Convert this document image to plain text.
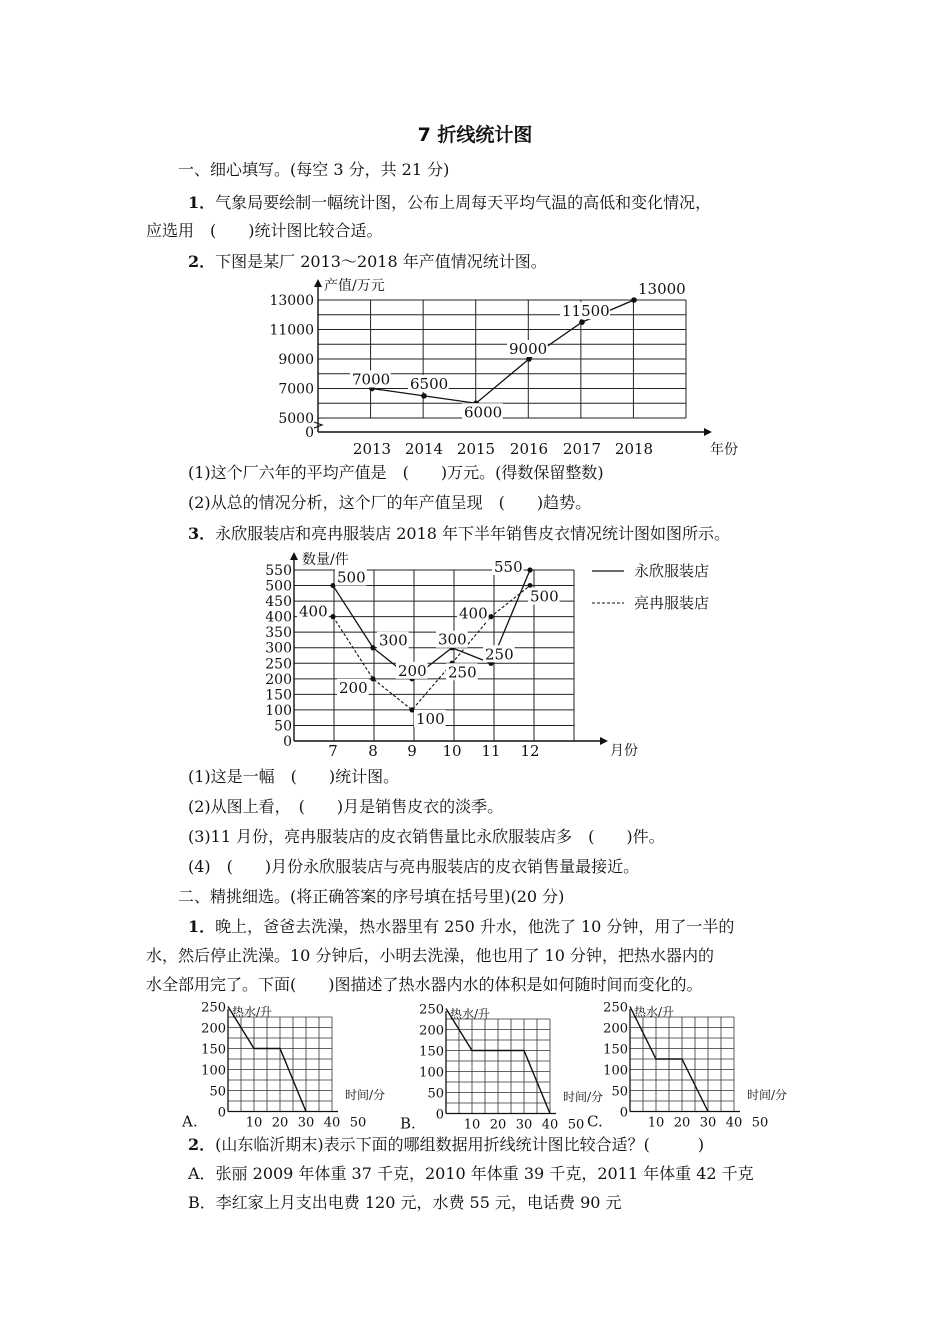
7 折线统计图
一、细心填写。(每空 3 分，共 21 分)
1．气象局要绘制一幅统计图，公布上周每天平均气温的高低和变化情况，
应选用　(　　)统计图比较合适。
2．下图是某厂 2013～2018 年产值情况统计图。
产值/万元
年份
13000
11000
9000
7000
5000
0
2013 2014 2015 2016 2017 2018
7000 6500
6000
9000
11500
13000
(1)这个厂六年的平均产值是　(　　)万元。(得数保留整数)
(2)从总的情况分析，这个厂的年产值呈现　(　　)趋势。
3．永欣服装店和亮冉服装店 2018 年下半年销售皮衣情况统计图如图所示。
数量/件
月份
550
500
450
400
350
300
250
200
150
100
50
0 7 8 9 10 11 12
500
300
200
300
250
550
400
200
100
250
400
500
永欣服装店
亮冉服装店
(1)这是一幅　(　　)统计图。
(2)从图上看，　(　　)月是销售皮衣的淡季。
(3)11 月份，亮冉服装店的皮衣销售量比永欣服装店多　(　　)件。
(4)　(　　)月份永欣服装店与亮冉服装店的皮衣销售量最接近。
二、精挑细选。(将正确答案的序号填在括号里)(20 分)
1．晚上，爸爸去洗澡，热水器里有 250 升水，他洗了 10 分钟，用了一半的
水，然后停止洗澡。10 分钟后，小明去洗澡，他也用了 10 分钟，把热水器内的
水全部用完了。下面(　　)图描述了热水器内水的体积是如何随时间而变化的。
热水/升
时间/分
250
200
150
100
50
0
10 20 30 40 50
A.
热水/升
时间/分
250
200
150
100
50
0
10 20 30 40 50
B.
热水/升
时间/分
250
200
150
100
50
0
10 20 30 40 50
C.
2．(山东临沂期末)表示下面的哪组数据用折线统计图比较合适？(　　　)
A．张丽 2009 年体重 37 千克，2010 年体重 39 千克，2011 年体重 42 千克
B．李红家上月支出电费 120 元，水费 55 元，电话费 90 元
